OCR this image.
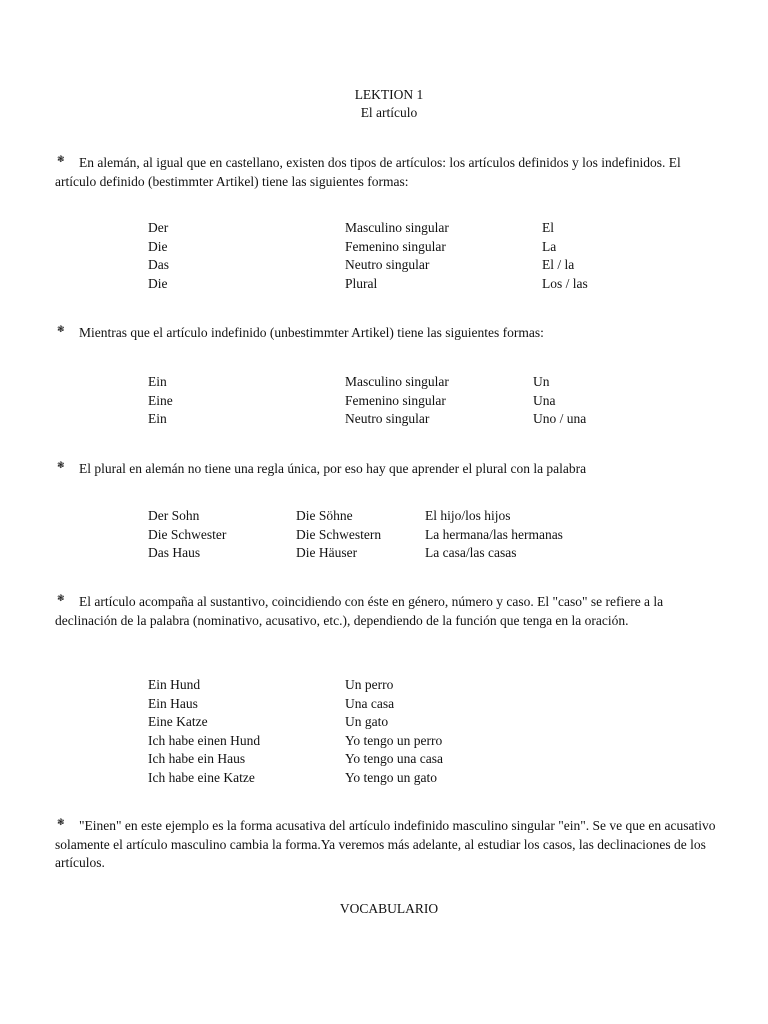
LEKTION 1
El artículo
❃ En alemán, al igual que en castellano, existen dos tipos de artículos: los artículos definidos y los indefinidos. El artículo definido (bestimmter Artikel) tiene las siguientes formas:
Der	Masculino singular	El
Die	Femenino singular	La
Das	Neutro singular	El / la
Die	Plural	Los / las
❃ Mientras que el artículo indefinido (unbestimmter Artikel) tiene las siguientes formas:
Ein	Masculino singular	Un
Eine	Femenino singular	Una
Ein	Neutro singular	Uno / una
❃ El plural en alemán no tiene una regla única, por eso hay que aprender el plural con la palabra
Der Sohn	Die Söhne	El hijo/los hijos
Die Schwester	Die Schwestern	La hermana/las hermanas
Das Haus	Die Häuser	La casa/las casas
❃ El artículo acompaña al sustantivo, coincidiendo con éste en género, número y caso. El "caso" se refiere a la declinación de la palabra (nominativo, acusativo, etc.), dependiendo de la función que tenga en la oración.
Ein Hund	Un perro
Ein Haus	Una casa
Eine Katze	Un gato
Ich habe einen Hund	Yo tengo un perro
Ich habe ein Haus	Yo tengo una casa
Ich habe eine Katze	Yo tengo un gato
❃ "Einen" en este ejemplo es la forma acusativa del artículo indefinido masculino singular "ein". Se ve que en acusativo solamente el artículo masculino cambia la forma.Ya veremos más adelante, al estudiar los casos, las declinaciones de los artículos.
VOCABULARIO
